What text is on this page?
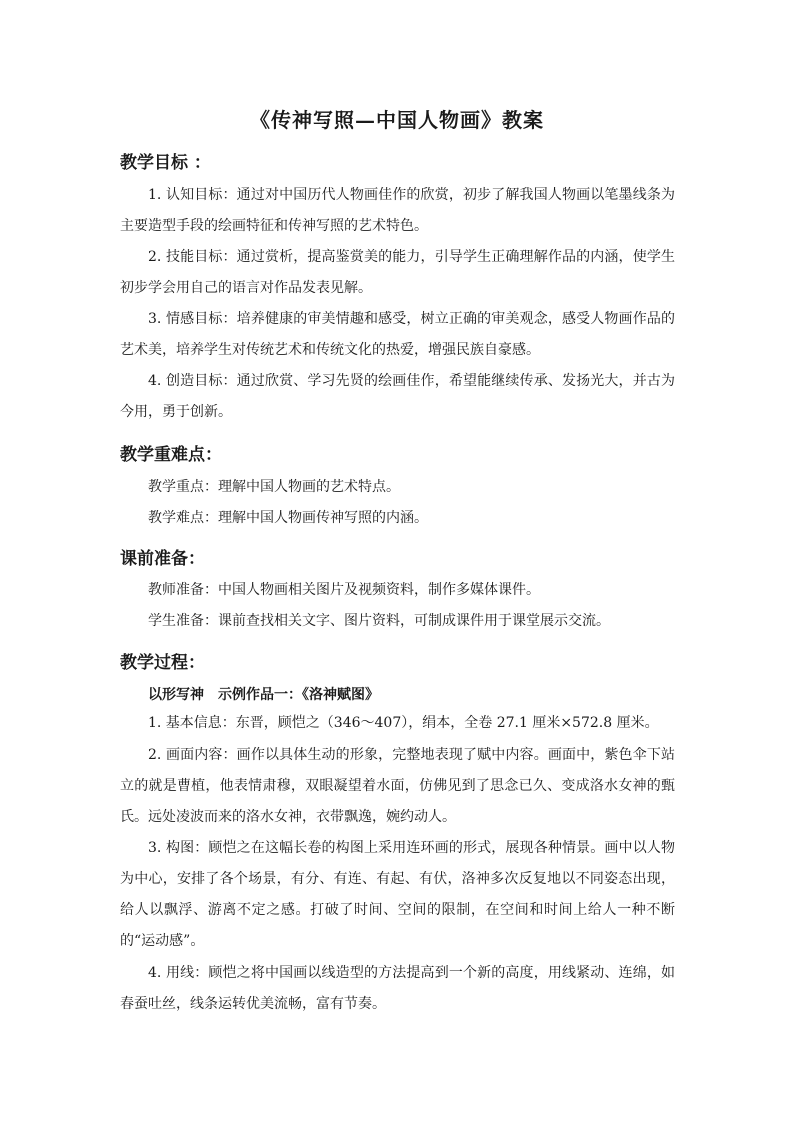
《传神写照—中国人物画》教案
教学目标 ：
1. 认知目标：通过对中国历代人物画佳作的欣赏，初步了解我国人物画以笔墨线条为主要造型手段的绘画特征和传神写照的艺术特色。
2. 技能目标：通过赏析，提高鉴赏美的能力，引导学生正确理解作品的内涵，使学生初步学会用自己的语言对作品发表见解。
3. 情感目标：培养健康的审美情趣和感受，树立正确的审美观念，感受人物画作品的艺术美，培养学生对传统艺术和传统文化的热爱，增强民族自豪感。
4. 创造目标：通过欣赏、学习先贤的绘画佳作，希望能继续传承、发扬光大，并古为今用，勇于创新。
教学重难点：
教学重点：理解中国人物画的艺术特点。
教学难点：理解中国人物画传神写照的内涵。
课前准备：
教师准备：中国人物画相关图片及视频资料，制作多媒体课件。
学生准备：课前查找相关文字、图片资料，可制成课件用于课堂展示交流。
教学过程：
以形写神　示例作品一：《洛神赋图》
1. 基本信息：东晋，顾恺之（346～407），绢本，全卷 27.1 厘米×572.8 厘米。
2. 画面内容：画作以具体生动的形象，完整地表现了赋中内容。画面中，紫色伞下站立的就是曹植，他表情肃穆，双眼凝望着水面，仿佛见到了思念已久、变成洛水女神的甄氏。远处凌波而来的洛水女神，衣带飘逸，婉约动人。
3. 构图：顾恺之在这幅长卷的构图上采用连环画的形式，展现各种情景。画中以人物为中心，安排了各个场景，有分、有连、有起、有伏，洛神多次反复地以不同姿态出现，给人以飘浮、游离不定之感。打破了时间、空间的限制，在空间和时间上给人一种不断的“运动感”。
4. 用线：顾恺之将中国画以线造型的方法提高到一个新的高度，用线紧动、连绵，如春蚕吐丝，线条运转优美流畅，富有节奏。
